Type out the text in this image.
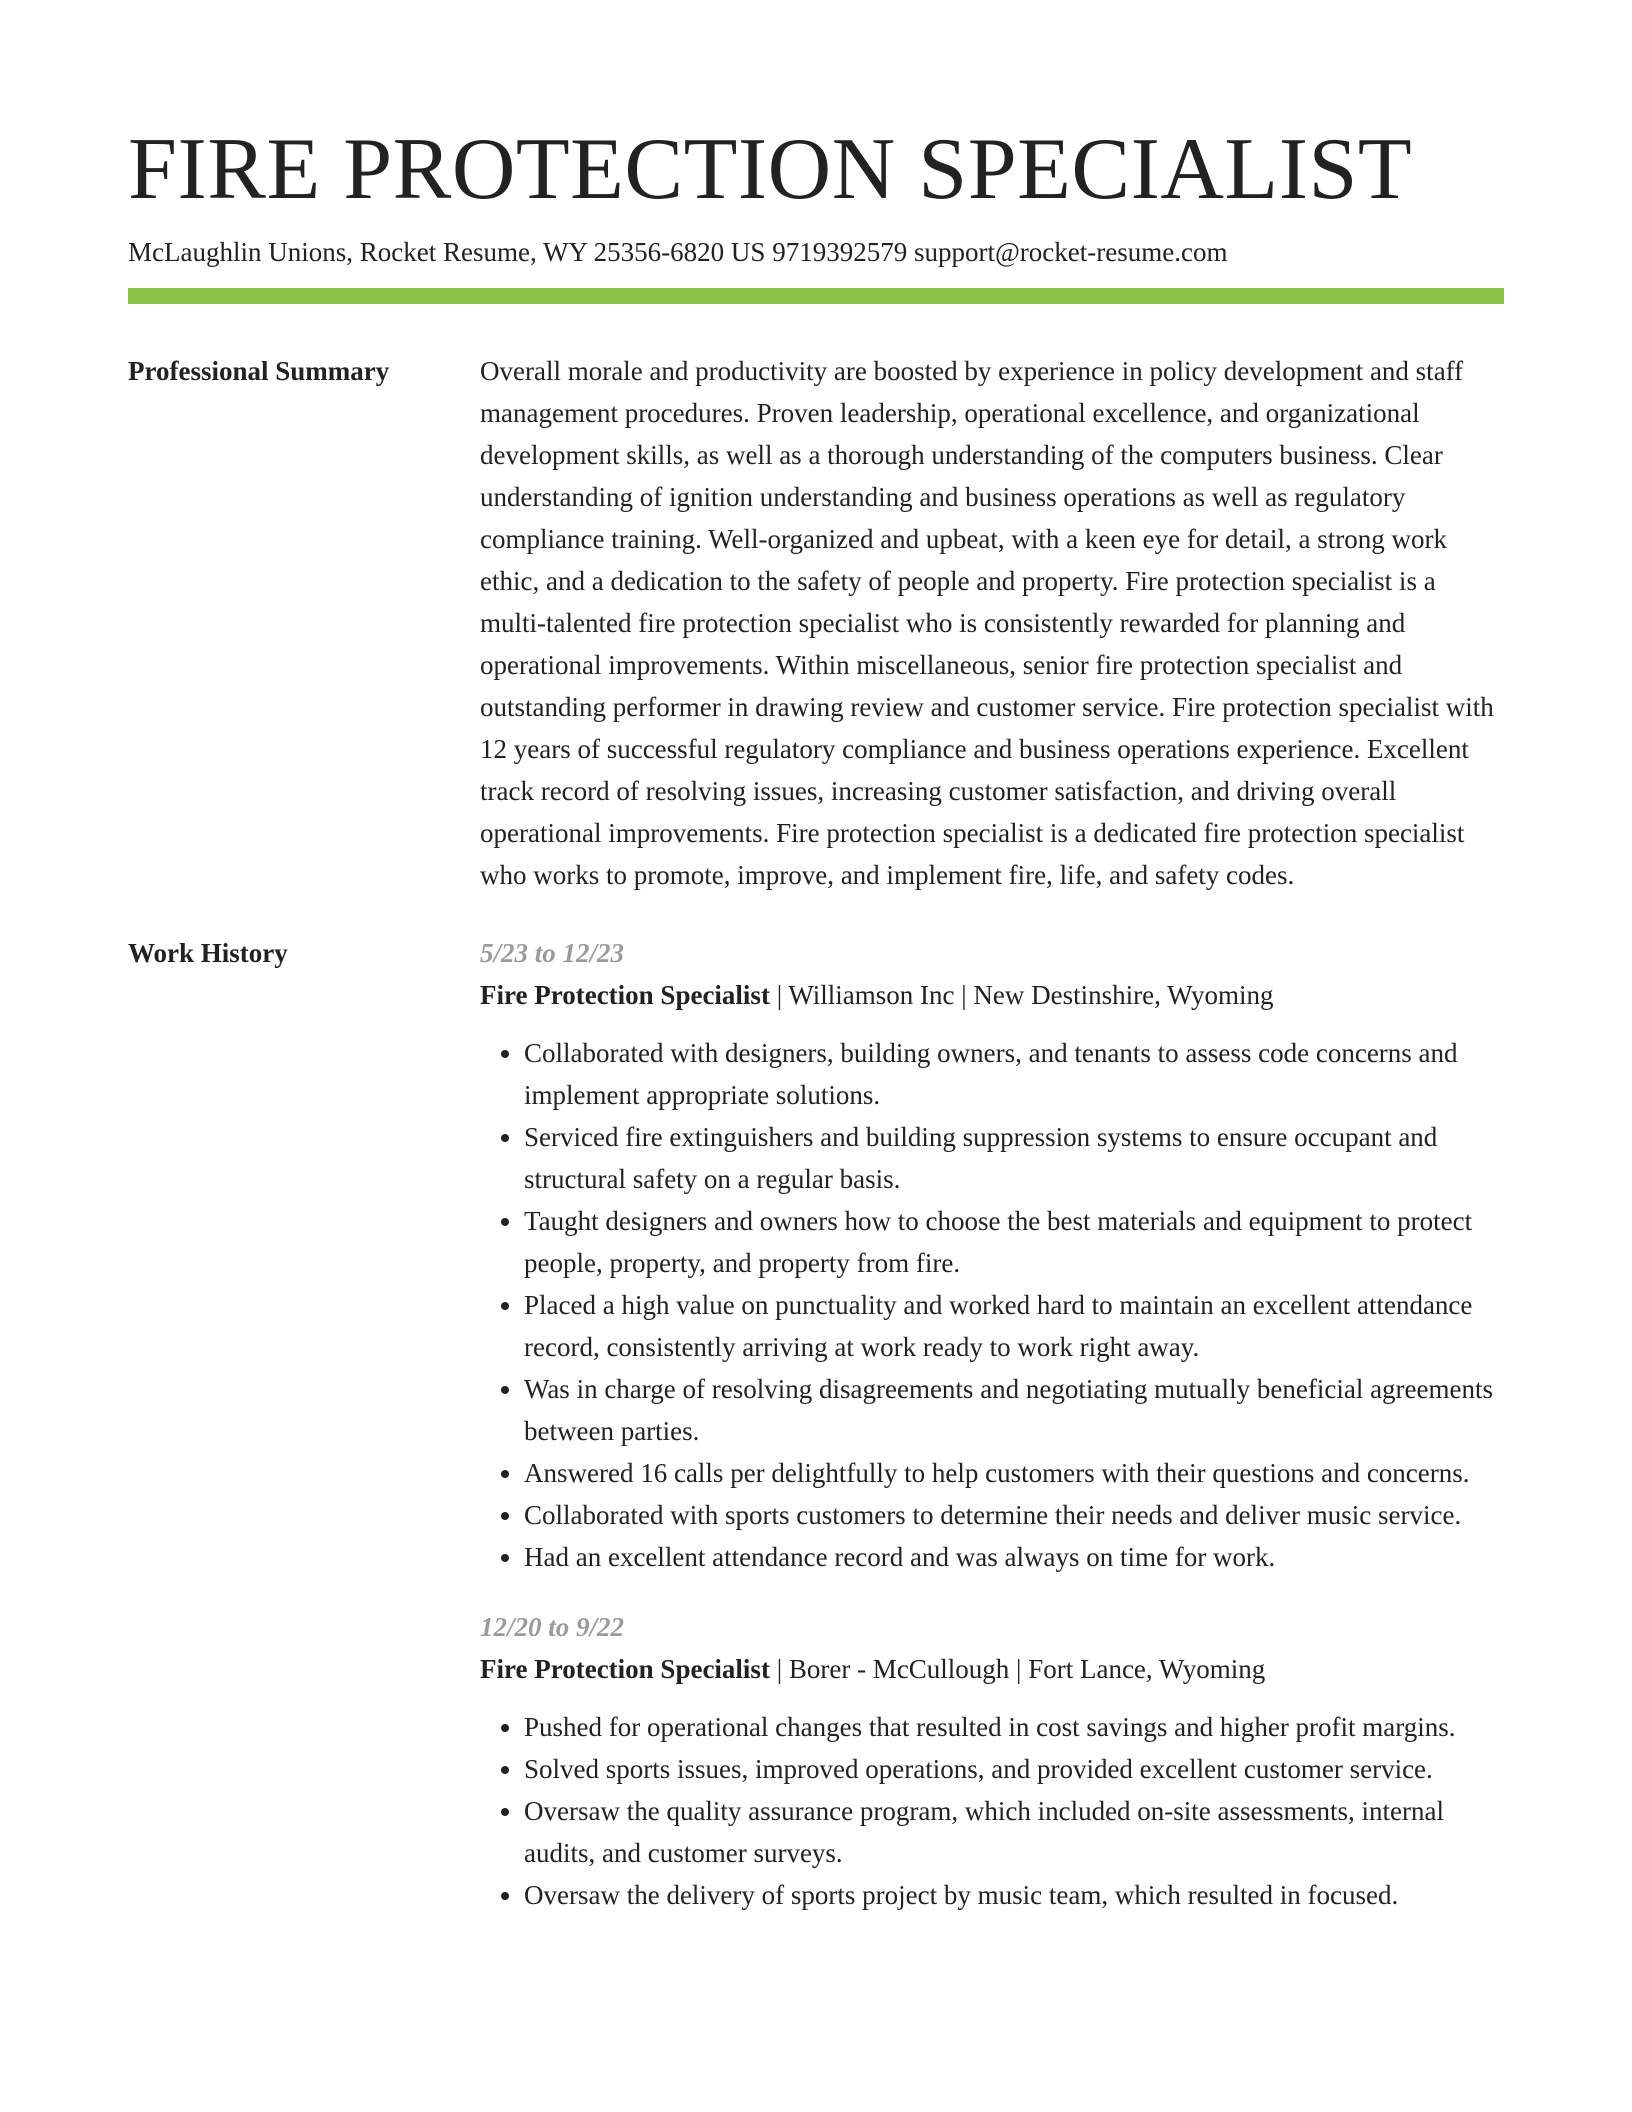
FIRE PROTECTION SPECIALIST
McLaughlin Unions, Rocket Resume, WY 25356-6820 US 9719392579 support@rocket-resume.com
Professional Summary	Overall morale and productivity are boosted by experience in policy development and staff management procedures. Proven leadership, operational excellence, and organizational development skills, as well as a thorough understanding of the computers business. Clear understanding of ignition understanding and business operations as well as regulatory compliance training. Well-organized and upbeat, with a keen eye for detail, a strong work ethic, and a dedication to the safety of people and property. Fire protection specialist is a multi-talented fire protection specialist who is consistently rewarded for planning and operational improvements. Within miscellaneous, senior fire protection specialist and outstanding performer in drawing review and customer service. Fire protection specialist with 12 years of successful regulatory compliance and business operations experience. Excellent track record of resolving issues, increasing customer satisfaction, and driving overall operational improvements. Fire protection specialist is a dedicated fire protection specialist who works to promote, improve, and implement fire, life, and safety codes.

Work History	5/23 to 12/23
Fire Protection Specialist | Williamson Inc | New Destinshire, Wyoming
• Collaborated with designers, building owners, and tenants to assess code concerns and implement appropriate solutions.
• Serviced fire extinguishers and building suppression systems to ensure occupant and structural safety on a regular basis.
• Taught designers and owners how to choose the best materials and equipment to protect people, property, and property from fire.
• Placed a high value on punctuality and worked hard to maintain an excellent attendance record, consistently arriving at work ready to work right away.
• Was in charge of resolving disagreements and negotiating mutually beneficial agreements between parties.
• Answered 16 calls per delightfully to help customers with their questions and concerns.
• Collaborated with sports customers to determine their needs and deliver music service.
• Had an excellent attendance record and was always on time for work.
12/20 to 9/22
Fire Protection Specialist | Borer - McCullough | Fort Lance, Wyoming
• Pushed for operational changes that resulted in cost savings and higher profit margins.
• Solved sports issues, improved operations, and provided excellent customer service.
• Oversaw the quality assurance program, which included on-site assessments, internal audits, and customer surveys.
• Oversaw the delivery of sports project by music team, which resulted in focused.
